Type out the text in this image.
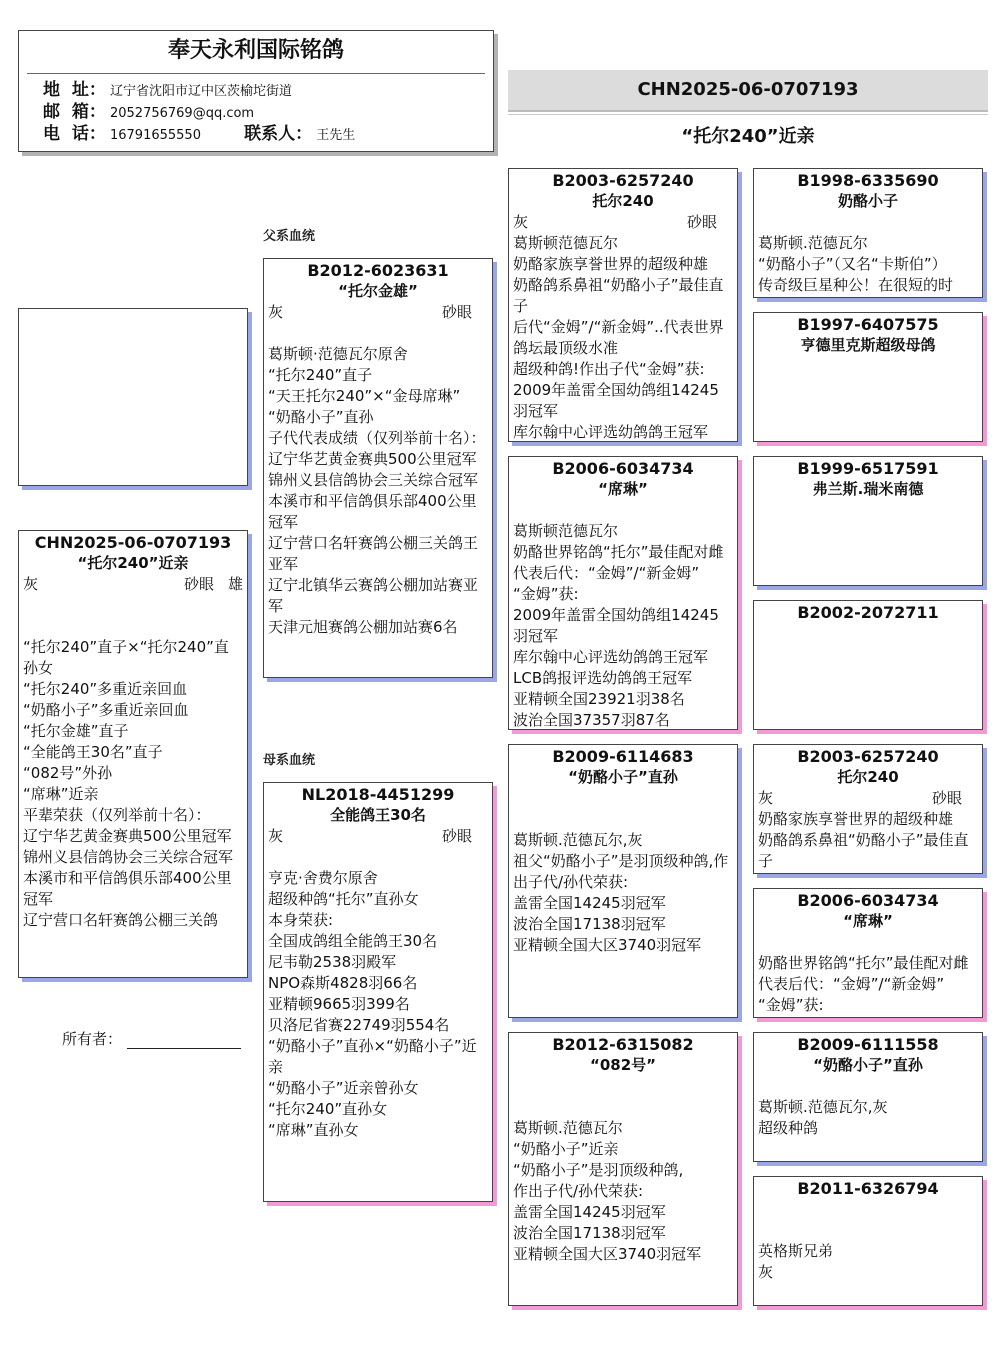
奉天永利国际铭鸽
地  址： 辽宁省沈阳市辽中区茨榆坨街道
邮  箱： 2052756769@qq.com
电  话： 16791655550	联系人： 王先生
CHN2025-06-0707193
“托尔240”近亲
CHN2025-06-0707193
“托尔240”近亲
灰	砂眼 雄
“托尔240”直子×“托尔240”直孙女
“托尔240”多重近亲回血
“奶酪小子”多重近亲回血
“托尔金雄”直子
“全能鸽王30名”直子
“082号”外孙
“席琳”近亲
平辈荣获（仅列举前十名）：
辽宁华艺黄金赛典500公里冠军
锦州义县信鸽协会三关综合冠军
本溪市和平信鸽俱乐部400公里冠军
辽宁营口名轩赛鸽公棚三关鸽
所有者：
父系血统
母系血统
B2012-6023631
“托尔金雄”
灰	砂眼
葛斯顿·范德瓦尔原舍
“托尔240”直子
“天王托尔240”×“金母席琳”
“奶酪小子”直孙
子代代表成绩（仅列举前十名）：
辽宁华艺黄金赛典500公里冠军
锦州义县信鸽协会三关综合冠军
本溪市和平信鸽俱乐部400公里冠军
辽宁营口名轩赛鸽公棚三关鸽王亚军
辽宁北镇华云赛鸽公棚加站赛亚军
天津元旭赛鸽公棚加站赛6名
NL2018-4451299
全能鸽王30名
灰	砂眼
亨克·舍费尔原舍
超级种鸽“托尔”直孙女
本身荣获:
全国成鸽组全能鸽王30名
尼韦勒2538羽殿军
NPO森斯4828羽66名
亚精顿9665羽399名
贝洛尼省赛22749羽554名
“奶酪小子”直孙×“奶酪小子”近亲
“奶酪小子”近亲曾孙女
“托尔240”直孙女
“席琳”直孙女
B2003-6257240
托尔240
灰	砂眼
葛斯顿范德瓦尔
奶酪家族享誉世界的超级种雄
奶酪鸽系鼻祖“奶酪小子”最佳直子
后代“金姆”/“新金姆”..代表世界鸽坛最顶级水准
超级种鸽!作出子代“金姆”获:
2009年盖雷全国幼鸽组14245羽冠军
库尔翰中心评选幼鸽鸽王冠军
B2006-6034734
“席琳”
葛斯顿范德瓦尔
奶酪世界铭鸽“托尔”最佳配对雌
代表后代：“金姆”/“新金姆”
“金姆”获:
2009年盖雷全国幼鸽组14245羽冠军
库尔翰中心评选幼鸽鸽王冠军
LCB鸽报评选幼鸽鸽王冠军
亚精顿全国23921羽38名
波治全国37357羽87名
B2009-6114683
“奶酪小子”直孙
葛斯顿.范德瓦尔,灰
祖父“奶酪小子”是羽顶级种鸽,作出子代/孙代荣获:
盖雷全国14245羽冠军
波治全国17138羽冠军
亚精顿全国大区3740羽冠军
B2012-6315082
“082号”
葛斯顿.范德瓦尔
“奶酪小子”近亲
“奶酪小子”是羽顶级种鸽,
作出子代/孙代荣获:
盖雷全国14245羽冠军
波治全国17138羽冠军
亚精顿全国大区3740羽冠军
B1998-6335690
奶酪小子
葛斯顿.范德瓦尔
“奶酪小子”（又名“卡斯伯”）
传奇级巨星种公！在很短的时
B1997-6407575
亨德里克斯超级母鸽
B1999-6517591
弗兰斯.瑞米南德
B2002-2072711
B2003-6257240
托尔240
灰	砂眼
奶酪家族享誉世界的超级种雄
奶酪鸽系鼻祖“奶酪小子”最佳直子
B2006-6034734
“席琳”
奶酪世界铭鸽“托尔”最佳配对雌
代表后代：“金姆”/“新金姆”
“金姆”获:
B2009-6111558
“奶酪小子”直孙
葛斯顿.范德瓦尔,灰
超级种鸽
B2011-6326794
英格斯兄弟
灰
